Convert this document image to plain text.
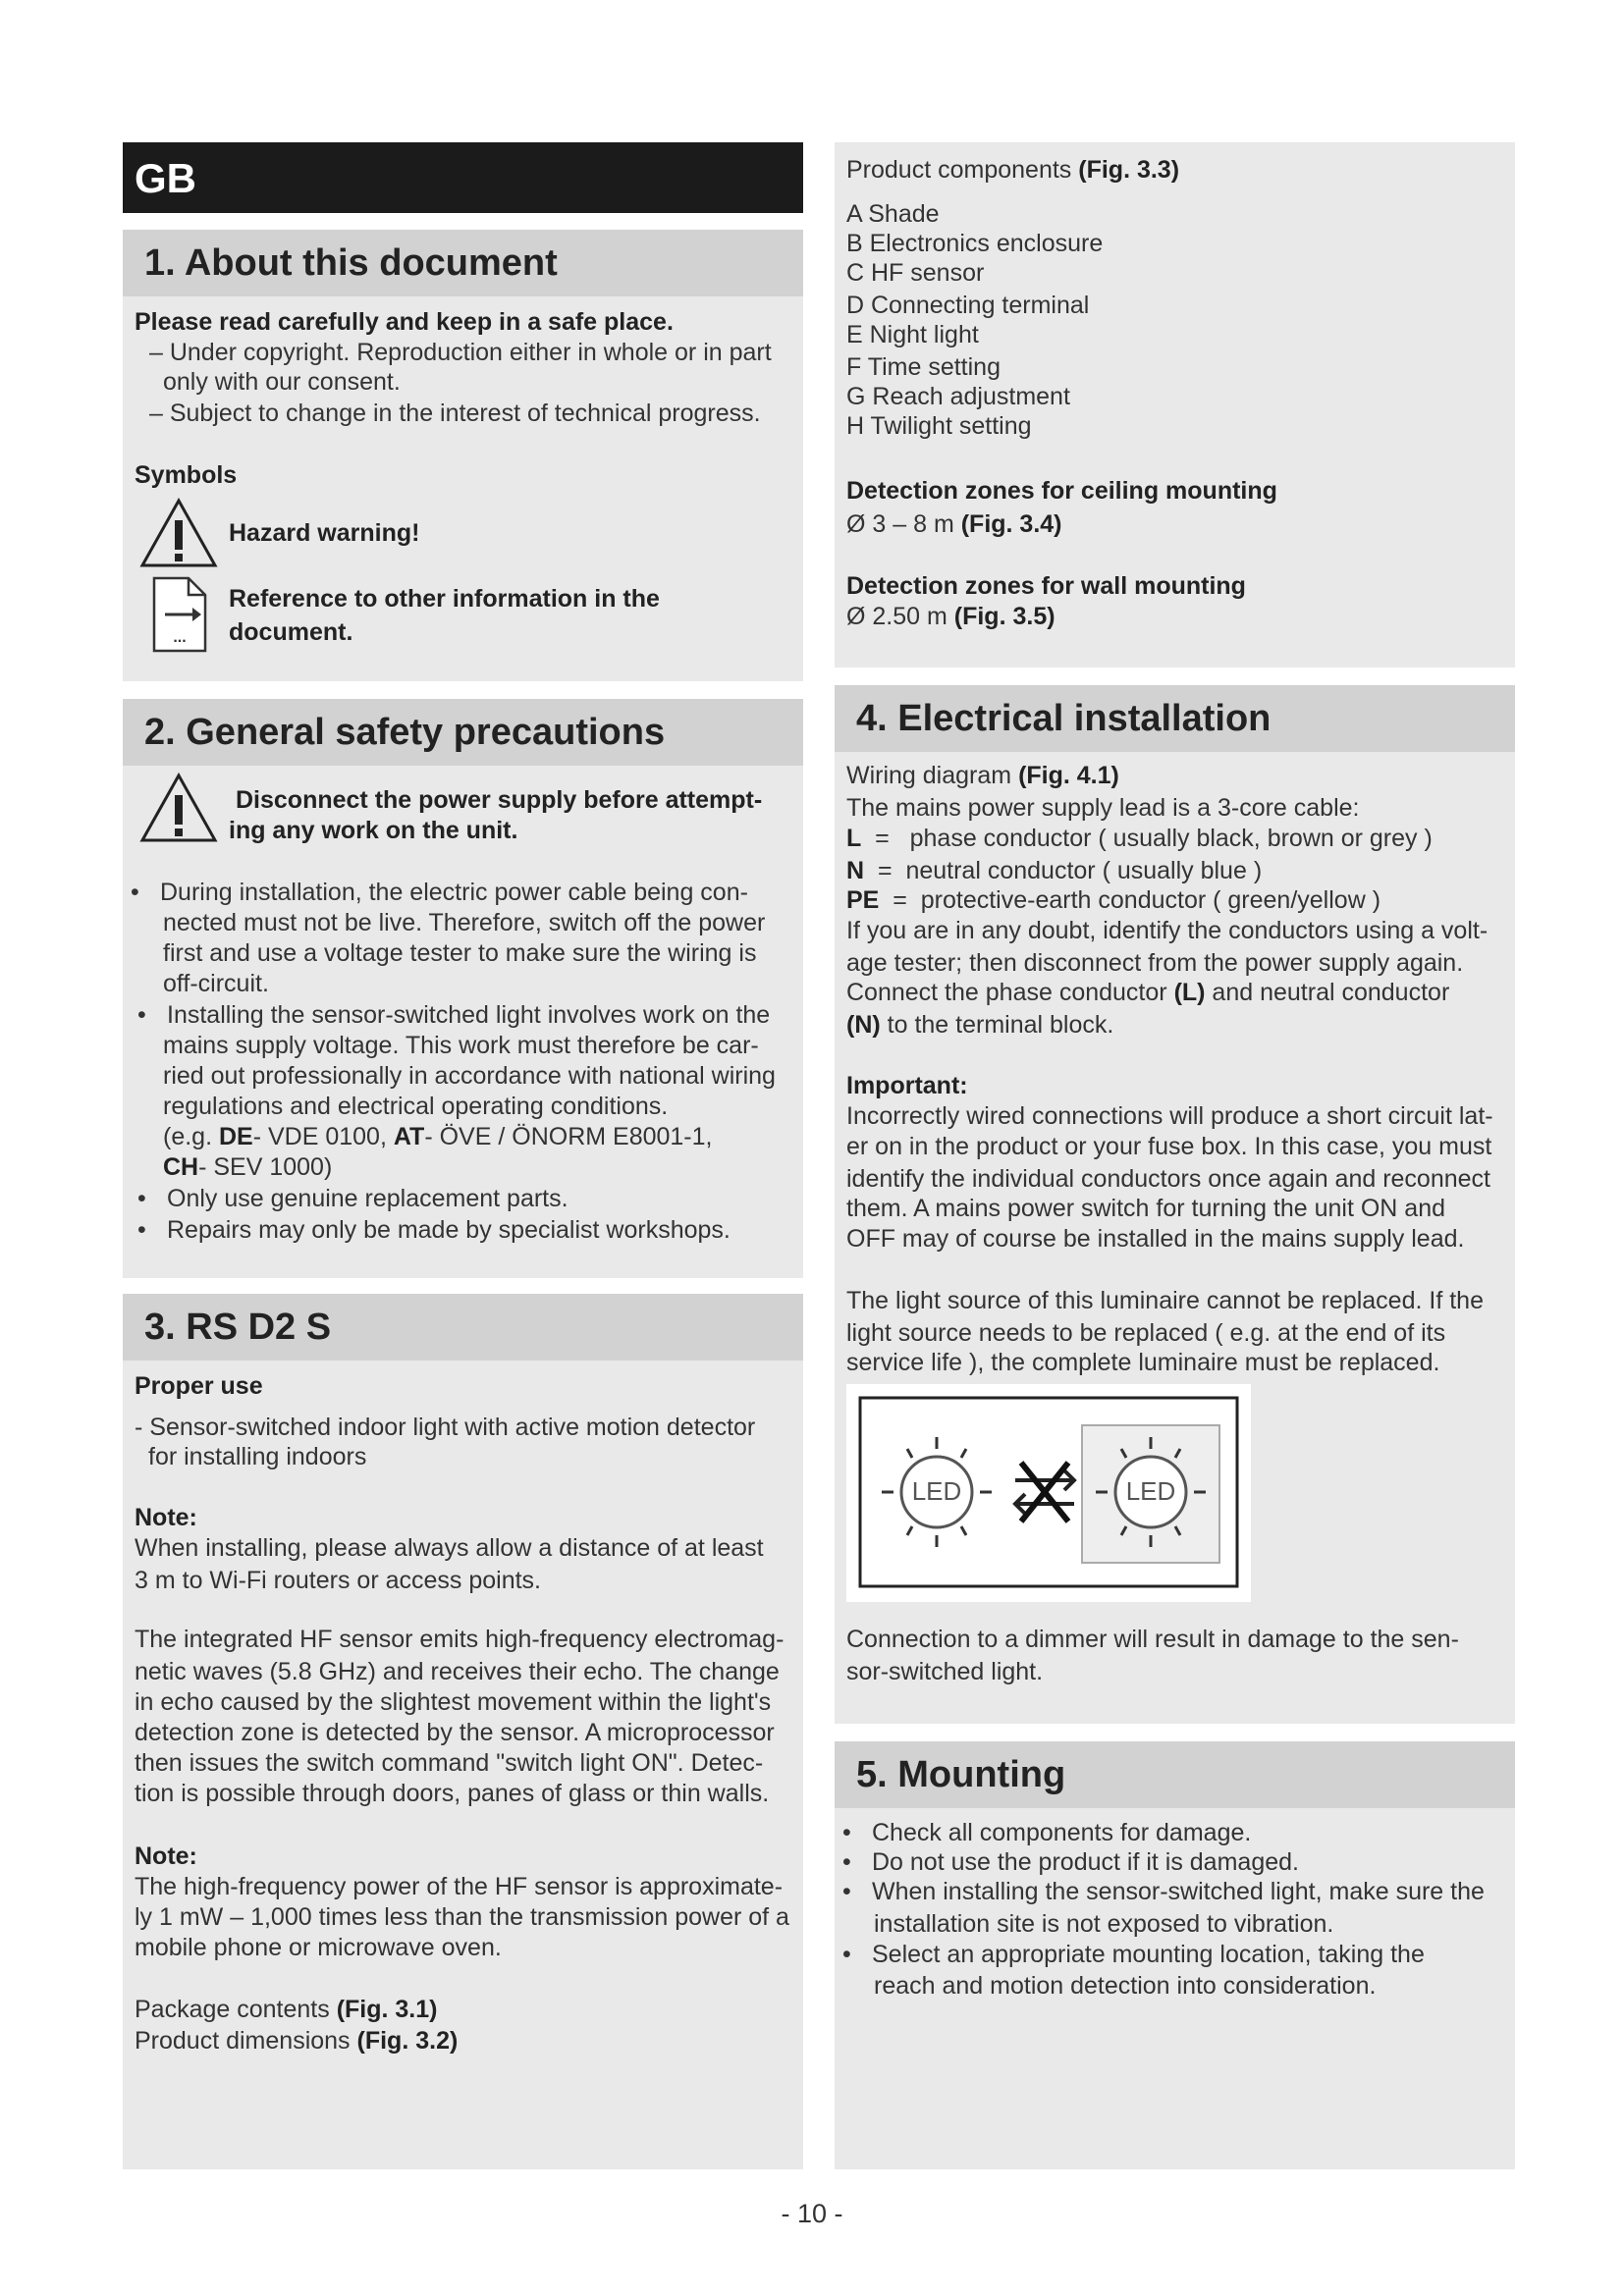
GB
1. About this document
Please read carefully and keep in a safe place.
– Under copyright. Reproduction either in whole or in part
only with our consent.
– Subject to change in the interest of technical progress.
Symbols
Hazard warning!
...
Reference to other information in the
document.
2. General safety precautions
Disconnect the power supply before attempt-
ing any work on the unit.
• During installation, the electric power cable being con-
nected must not be live. Therefore, switch off the power
first and use a voltage tester to make sure the wiring is
off-circuit.
• Installing the sensor-switched light involves work on the
mains supply voltage. This work must therefore be car-
ried out professionally in accordance with national wiring
regulations and electrical operating conditions.
(e.g. DE- VDE 0100, AT- ÖVE / ÖNORM E8001-1,
CH- SEV 1000)
• Only use genuine replacement parts.
• Repairs may only be made by specialist workshops.
3. RS D2 S
Proper use
- Sensor-switched indoor light with active motion detector
for installing indoors
Note:
When installing, please always allow a distance of at least
3 m to Wi-Fi routers or access points.
The integrated HF sensor emits high-frequency electromag-
netic waves (5.8 GHz) and receives their echo. The change
in echo caused by the slightest movement within the light's
detection zone is detected by the sensor. A microprocessor
then issues the switch command "switch light ON". Detec-
tion is possible through doors, panes of glass or thin walls.
Note:
The high-frequency power of the HF sensor is approximate-
ly 1 mW – 1,000 times less than the transmission power of a
mobile phone or microwave oven.
Package contents (Fig. 3.1)
Product dimensions (Fig. 3.2)
Product components (Fig. 3.3)
A Shade
B Electronics enclosure
C HF sensor
D Connecting terminal
E Night light
F Time setting
G Reach adjustment
H Twilight setting
Detection zones for ceiling mounting
Ø 3 – 8 m (Fig. 3.4)
Detection zones for wall mounting
Ø 2.50 m (Fig. 3.5)
4. Electrical installation
Wiring diagram (Fig. 4.1)
The mains power supply lead is a 3-core cable:
L  =   phase conductor ( usually black, brown or grey )
N  =  neutral conductor ( usually blue )
PE  =  protective-earth conductor ( green/yellow )
If you are in any doubt, identify the conductors using a volt-
age tester; then disconnect from the power supply again.
Connect the phase conductor (L) and neutral conductor
(N) to the terminal block.
Important:
Incorrectly wired connections will produce a short circuit lat-
er on in the product or your fuse box. In this case, you must
identify the individual conductors once again and reconnect
them. A mains power switch for turning the unit ON and
OFF may of course be installed in the mains supply lead.
The light source of this luminaire cannot be replaced. If the
light source needs to be replaced ( e.g. at the end of its
service life ), the complete luminaire must be replaced.
LED	LED
Connection to a dimmer will result in damage to the sen-
sor-switched light.
5. Mounting
• Check all components for damage.
• Do not use the product if it is damaged.
• When installing the sensor-switched light, make sure the
installation site is not exposed to vibration.
• Select an appropriate mounting location, taking the
reach and motion detection into consideration.
- 10 -
